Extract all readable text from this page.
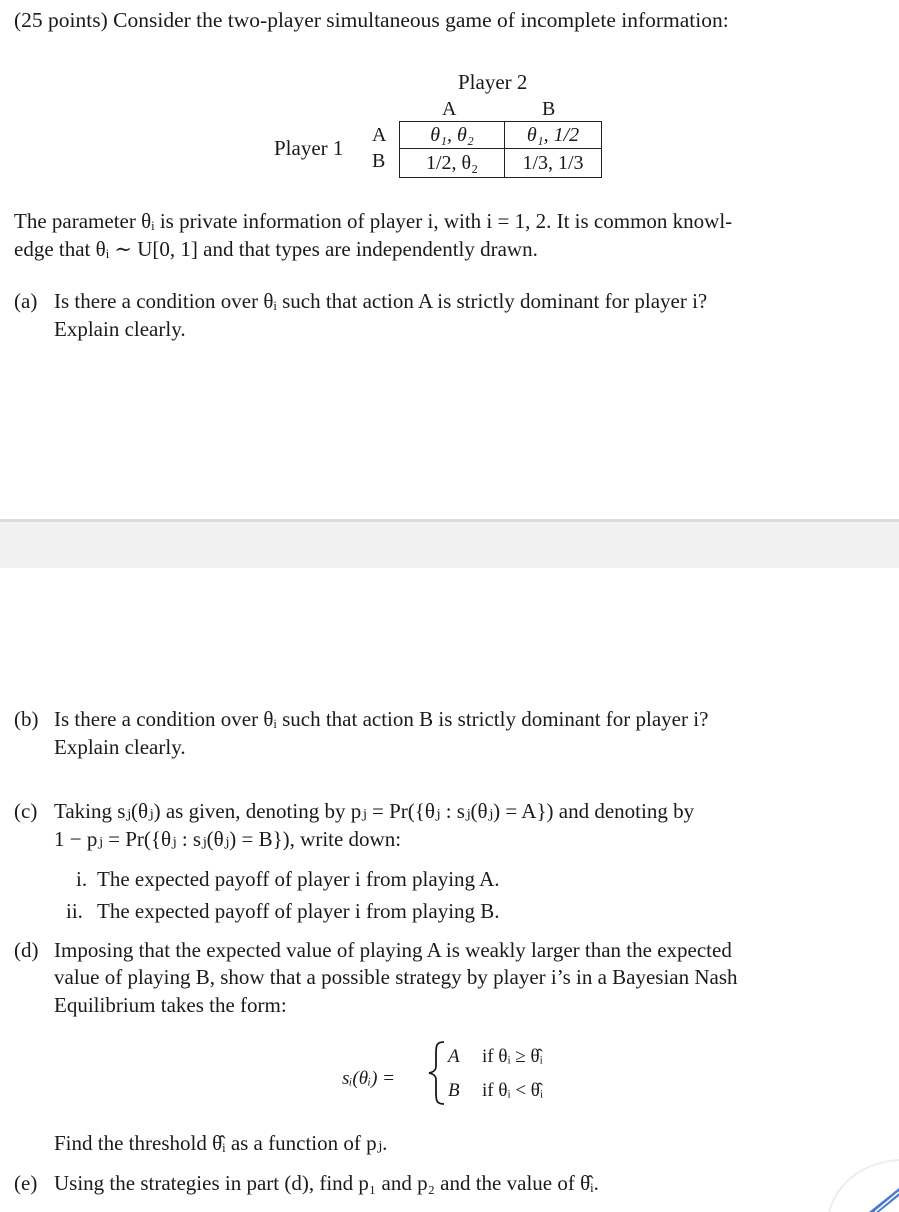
(25 points) Consider the two-player simultaneous game of incomplete information:
Player 2
A	B
Player 1
A
B
θ₁, θ₂	θ₁, 1/2
1/2, θ₂	1/3, 1/3
The parameter θᵢ is private information of player i, with i = 1, 2. It is common knowl-
edge that θᵢ ∼ U[0, 1] and that types are independently drawn.
(a) Is there a condition over θᵢ such that action A is strictly dominant for player i?
Explain clearly.
(b) Is there a condition over θᵢ such that action B is strictly dominant for player i?
Explain clearly.
(c) Taking sⱼ(θⱼ) as given, denoting by pⱼ = Pr({θⱼ : sⱼ(θⱼ) = A}) and denoting by
1 − pⱼ = Pr({θⱼ : sⱼ(θⱼ) = B}), write down:
i. The expected payoff of player i from playing A.
ii. The expected payoff of player i from playing B.
(d) Imposing that the expected value of playing A is weakly larger than the expected
value of playing B, show that a possible strategy by player i’s in a Bayesian Nash
Equilibrium takes the form:
sᵢ(θᵢ) =
A if θᵢ ≥ θ̂ᵢ
B if θᵢ < θ̂ᵢ
Find the threshold θ̂ᵢ as a function of pⱼ.
(e) Using the strategies in part (d), find p₁ and p₂ and the value of θ̂ᵢ.
